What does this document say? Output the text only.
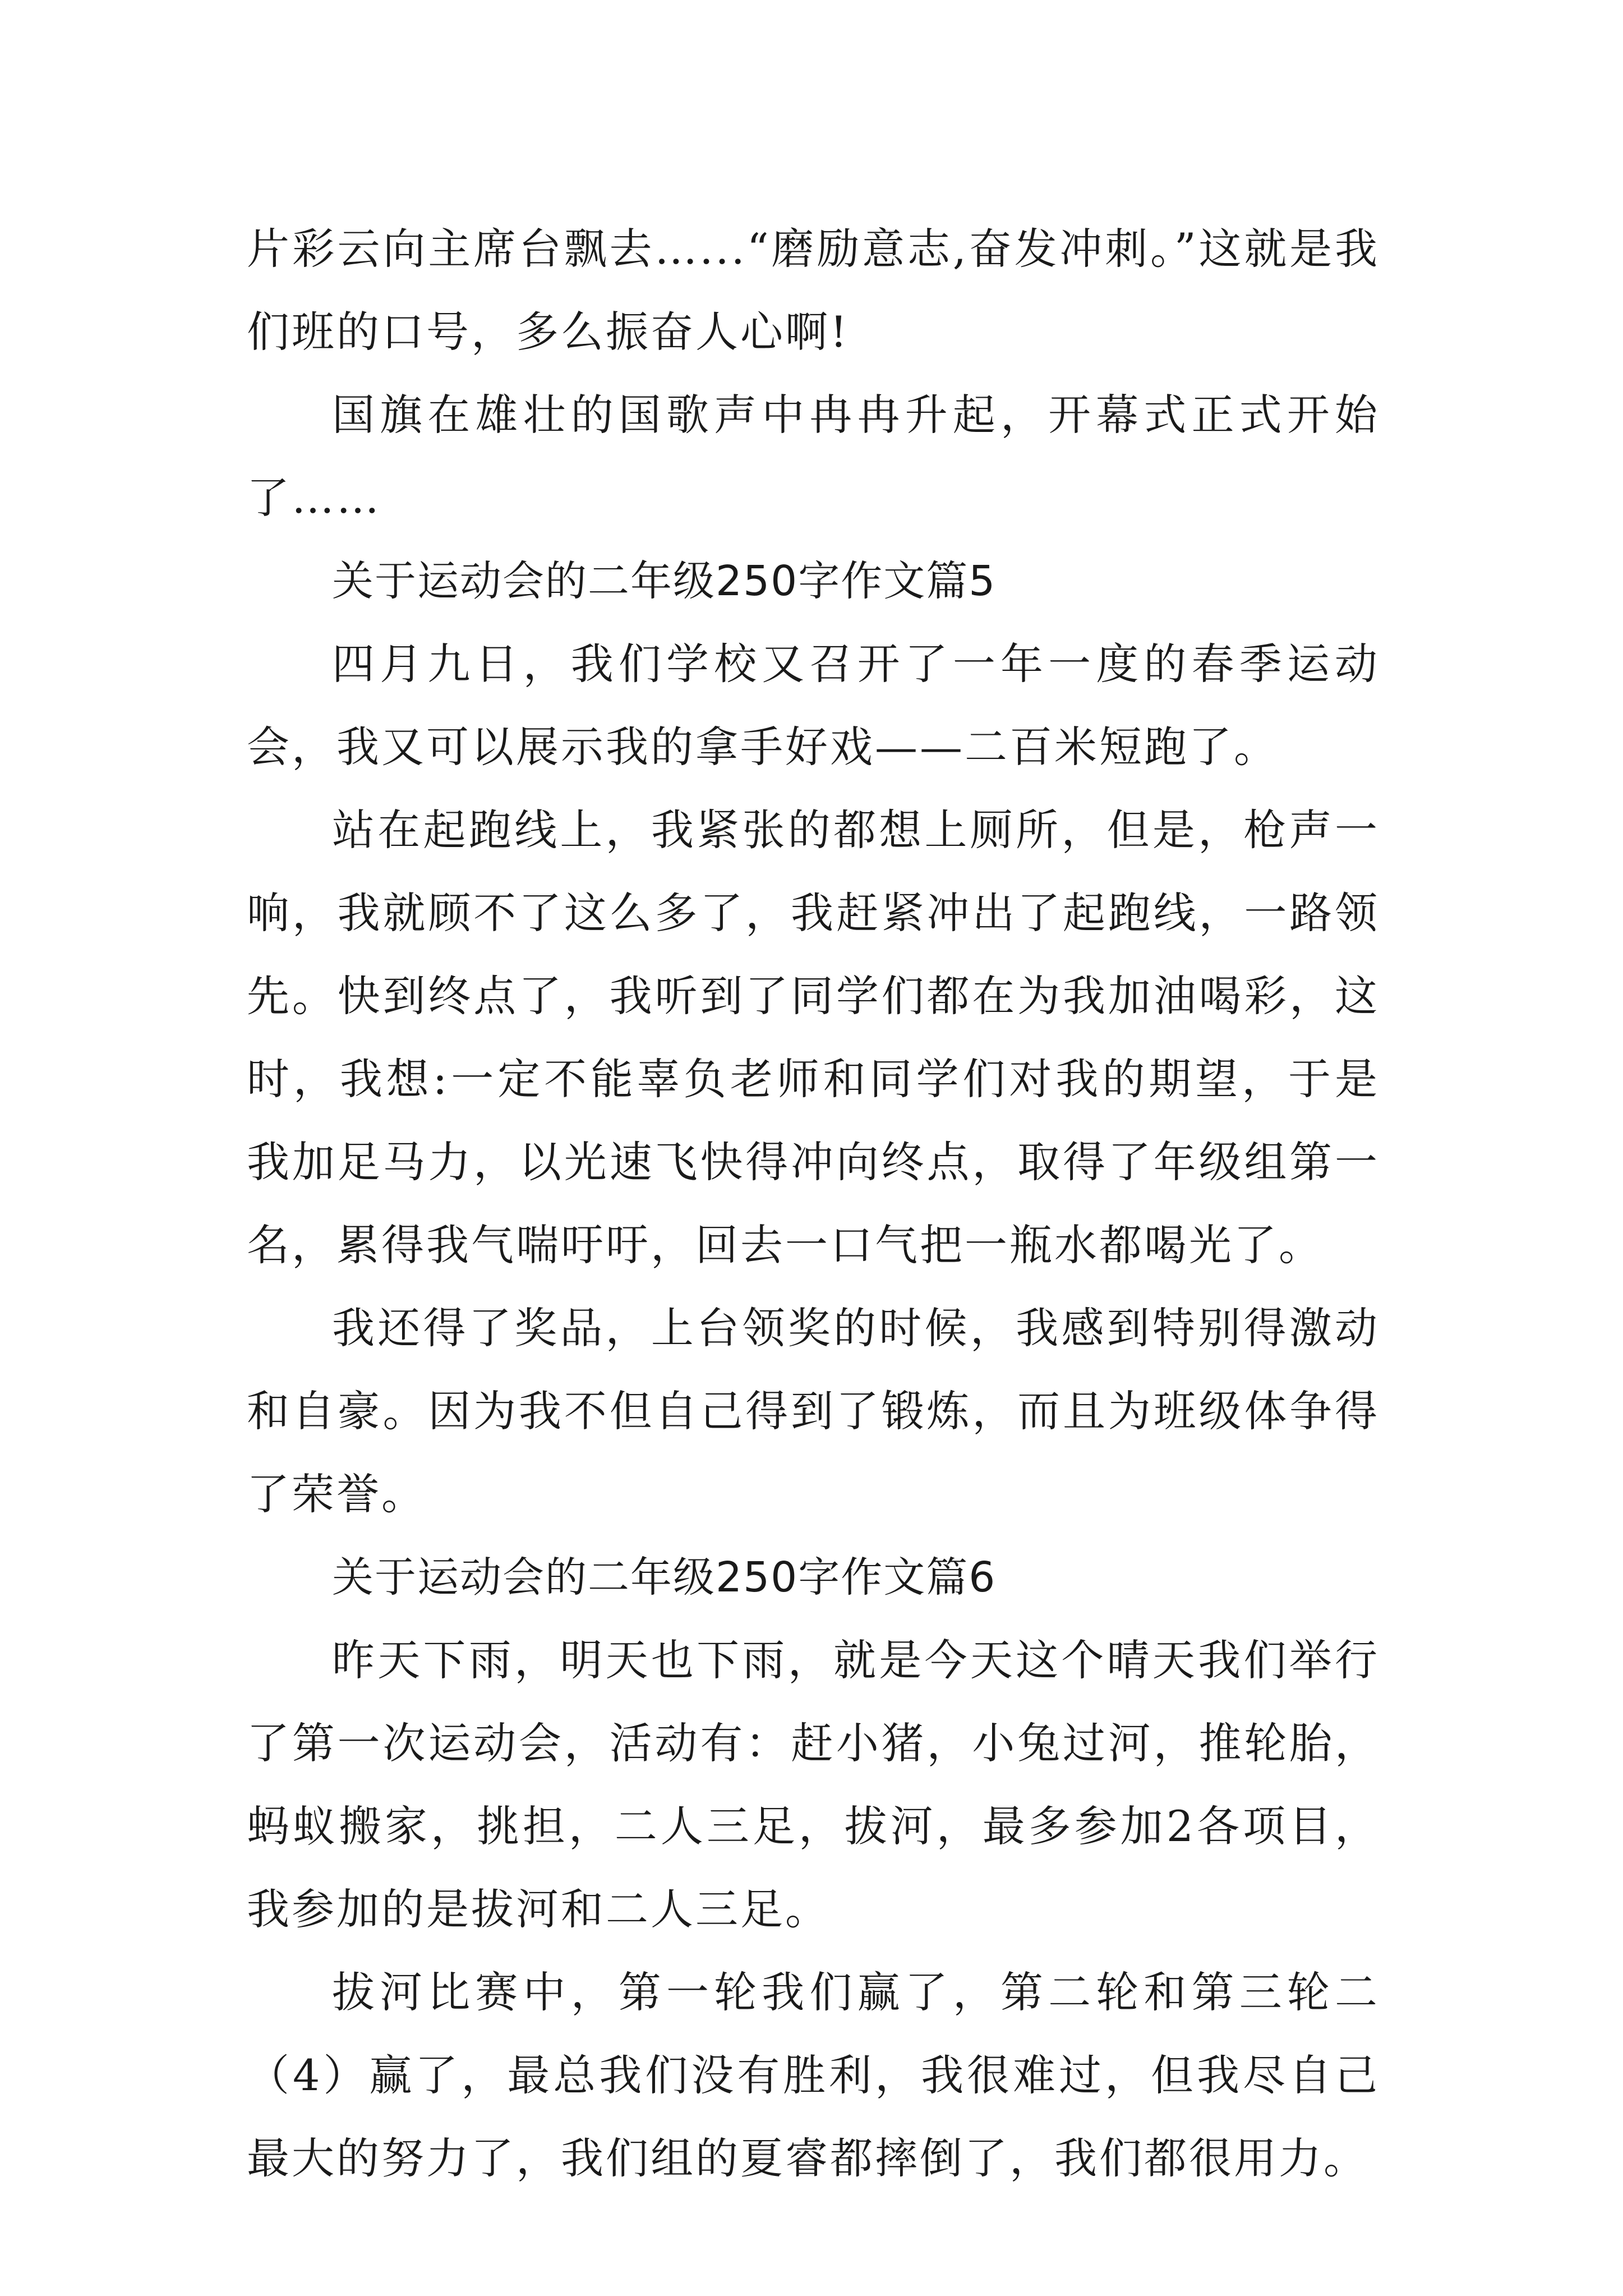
片彩云向主席台飘去…...“磨励意志,奋发冲刺。”这就是我们班的口号，多么振奋人心啊!

国旗在雄壮的国歌声中冉冉升起，开幕式正式开始了……

关于运动会的二年级250字作文篇5

四月九日，我们学校又召开了一年一度的春季运动会，我又可以展示我的拿手好戏——二百米短跑了。

站在起跑线上，我紧张的都想上厕所，但是，枪声一响，我就顾不了这么多了，我赶紧冲出了起跑线，一路领先。快到终点了，我听到了同学们都在为我加油喝彩，这时，我想:一定不能辜负老师和同学们对我的期望，于是我加足马力，以光速飞快得冲向终点，取得了年级组第一名，累得我气喘吁吁，回去一口气把一瓶水都喝光了。

我还得了奖品，上台领奖的时候，我感到特别得激动和自豪。因为我不但自己得到了锻炼，而且为班级体争得了荣誉。

关于运动会的二年级250字作文篇6

昨天下雨，明天也下雨，就是今天这个晴天我们举行了第一次运动会，活动有：赶小猪，小兔过河，推轮胎，蚂蚁搬家，挑担，二人三足，拔河，最多参加2各项目，我参加的是拔河和二人三足。

拔河比赛中，第一轮我们赢了，第二轮和第三轮二（4）赢了，最总我们没有胜利，我很难过，但我尽自己最大的努力了，我们组的夏睿都摔倒了，我们都很用力。
